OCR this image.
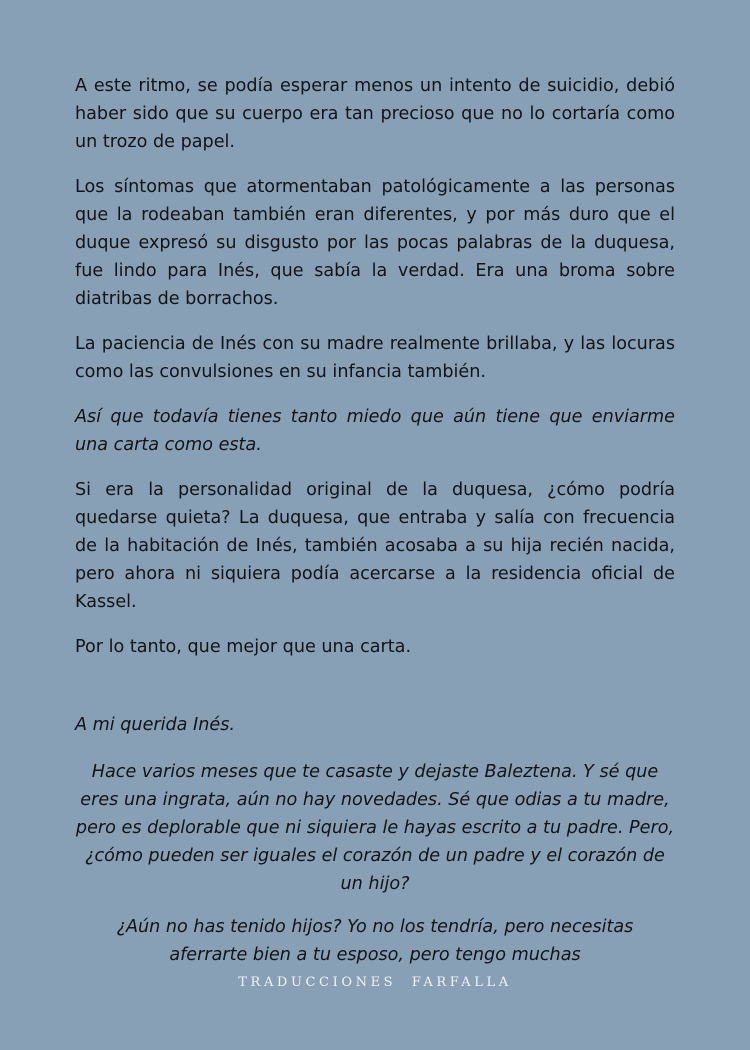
A este ritmo, se podía esperar menos un intento de suicidio, debió haber sido que su cuerpo era tan precioso que no lo cortaría como un trozo de papel.

Los síntomas que atormentaban patológicamente a las personas que la rodeaban también eran diferentes, y por más duro que el duque expresó su disgusto por las pocas palabras de la duquesa, fue lindo para Inés, que sabía la verdad. Era una broma sobre diatribas de borrachos.

La paciencia de Inés con su madre realmente brillaba, y las locuras como las convulsiones en su infancia también.

Así que todavía tienes tanto miedo que aún tiene que enviarme una carta como esta.

Si era la personalidad original de la duquesa, ¿cómo podría quedarse quieta? La duquesa, que entraba y salía con frecuencia de la habitación de Inés, también acosaba a su hija recién nacida, pero ahora ni siquiera podía acercarse a la residencia oficial de Kassel.

Por lo tanto, que mejor que una carta.

A mi querida Inés.

Hace varios meses que te casaste y dejaste Baleztena. Y sé que eres una ingrata, aún no hay novedades. Sé que odias a tu madre, pero es deplorable que ni siquiera le hayas escrito a tu padre. Pero, ¿cómo pueden ser iguales el corazón de un padre y el corazón de un hijo?

¿Aún no has tenido hijos? Yo no los tendría, pero necesitas aferrarte bien a tu esposo, pero tengo muchas

TRADUCCIONES FARFALLA
